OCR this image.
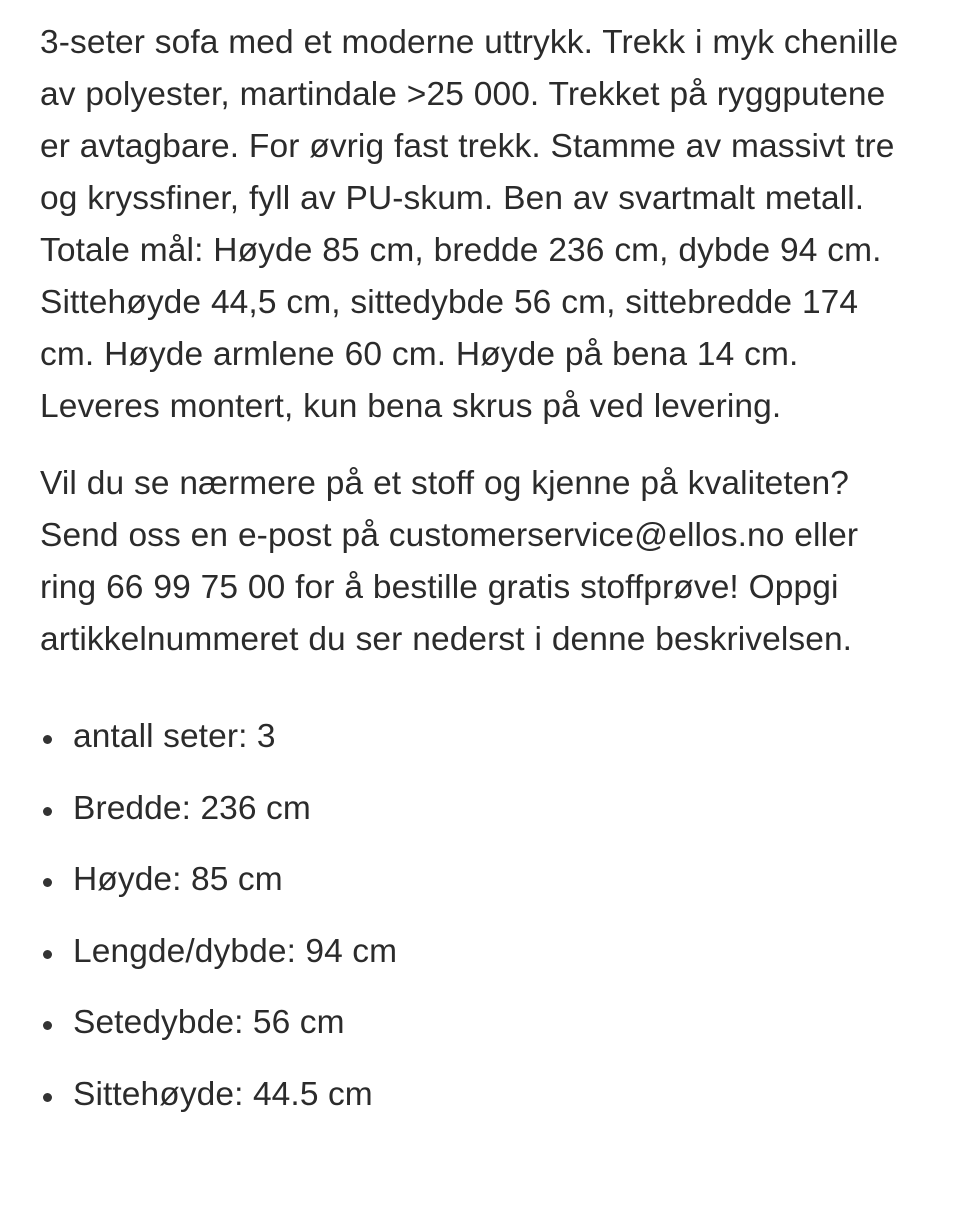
3-seter sofa med et moderne uttrykk. Trekk i myk chenille av polyester, martindale >25 000. Trekket på ryggputene er avtagbare. For øvrig fast trekk. Stamme av massivt tre og kryssfiner, fyll av PU-skum. Ben av svartmalt metall. Totale mål: Høyde 85 cm, bredde 236 cm, dybde 94 cm. Sittehøyde 44,5 cm, sittedybde 56 cm, sittebredde 174 cm. Høyde armlene 60 cm. Høyde på bena 14 cm. Leveres montert, kun bena skrus på ved levering.

Vil du se nærmere på et stoff og kjenne på kvaliteten? Send oss en e-post på customerservice@ellos.no eller ring 66 99 75 00 for å bestille gratis stoffprøve! Oppgi artikkelnummeret du ser nederst i denne beskrivelsen.

antall seter: 3
Bredde: 236 cm
Høyde: 85 cm
Lengde/dybde: 94 cm
Setedybde: 56 cm
Sittehøyde: 44.5 cm
